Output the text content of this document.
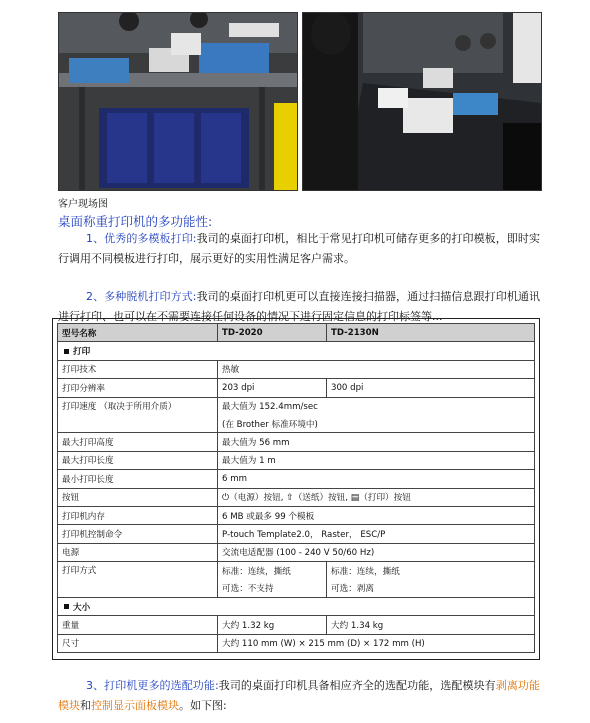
客户现场图
桌面称重打印机的多功能性:
1、优秀的多模板打印:我司的桌面打印机，相比于常见打印机可储存更多的打印模板，即时实行调用不同模板进行打印，展示更好的实用性满足客户需求。
2、多种脱机打印方式:我司的桌面打印机更可以直接连接扫描器，通过扫描信息跟打印机通讯进行打印、也可以在不需要连接任何设备的情况下进行固定信息的打印标签等...
型号名称	TD-2020	TD-2130N
打印		
打印技术	热敏	
打印分辨率	203 dpi	300 dpi
打印速度 （取决于所用介质）	最大值为 152.4mm/sec	
	(在 Brother 标准环境中)	
最大打印高度	最大值为 56 mm	
最大打印长度	最大值为 1 m	
最小打印长度	6 mm	
按钮	⏻（电源）按钮, ⇧（送纸）按钮, ▤（打印）按钮	
打印机内存	6 MB 或最多 99 个模板	
打印机控制命令	P-touch Template2.0， Raster， ESC/P	
电源	交流电适配器 (100 - 240 V 50/60 Hz)	
打印方式	标准：连续，撕纸	标准：连续，撕纸
	可选：不支持	可选：剥离
大小		
重量	大约 1.32 kg	大约 1.34 kg
尺寸	大约 110 mm (W) × 215 mm (D) × 172 mm (H)	
3、打印机更多的选配功能:我司的桌面打印机具备相应齐全的选配功能，选配模块有剥离功能模块和控制显示面板模块。如下图:
